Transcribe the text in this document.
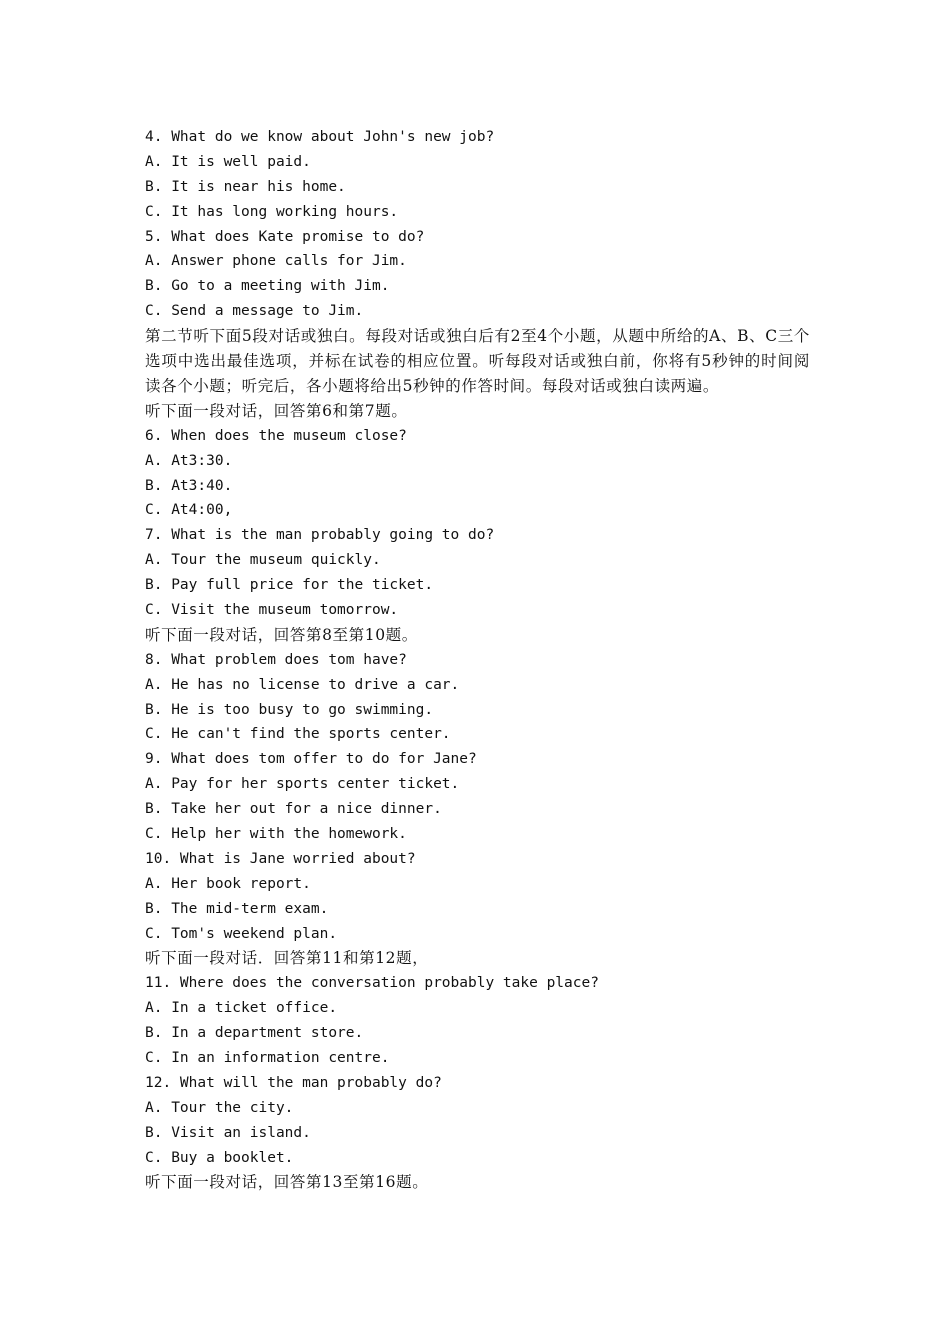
4. What do we know about John's new job?
A. It is well paid.
B. It is near his home.
C. It has long working hours.
5. What does Kate promise to do?
A. Answer phone calls for Jim.
B. Go to a meeting with Jim.
C. Send a message to Jim.
第二节听下面5段对话或独白。每段对话或独白后有2至4个小题，从题中所给的A、B、C三个选项中选出最佳选项，并标在试卷的相应位置。听每段对话或独白前，你将有5秒钟的时间阅读各个小题；听完后，各小题将给出5秒钟的作答时间。每段对话或独白读两遍。
听下面一段对话，回答第6和第7题。
6. When does the museum close?
A. At3:30.
B. At3:40.
C. At4:00,
7. What is the man probably going to do?
A. Tour the museum quickly.
B. Pay full price for the ticket.
C. Visit the museum tomorrow.
听下面一段对话，回答第8至第10题。
8. What problem does tom have?
A. He has no license to drive a car.
B. He is too busy to go swimming.
C. He can't find the sports center.
9. What does tom offer to do for Jane?
A. Pay for her sports center ticket.
B. Take her out for a nice dinner.
C. Help her with the homework.
10. What is Jane worried about?
A. Her book report.
B. The mid-term exam.
C. Tom's weekend plan.
听下面一段对话．回答第11和第12题，
11. Where does the conversation probably take place?
A. In a ticket office.
B. In a department store.
C. In an information centre.
12. What will the man probably do?
A. Tour the city.
B. Visit an island.
C. Buy a booklet.
听下面一段对话，回答第13至第16题。
